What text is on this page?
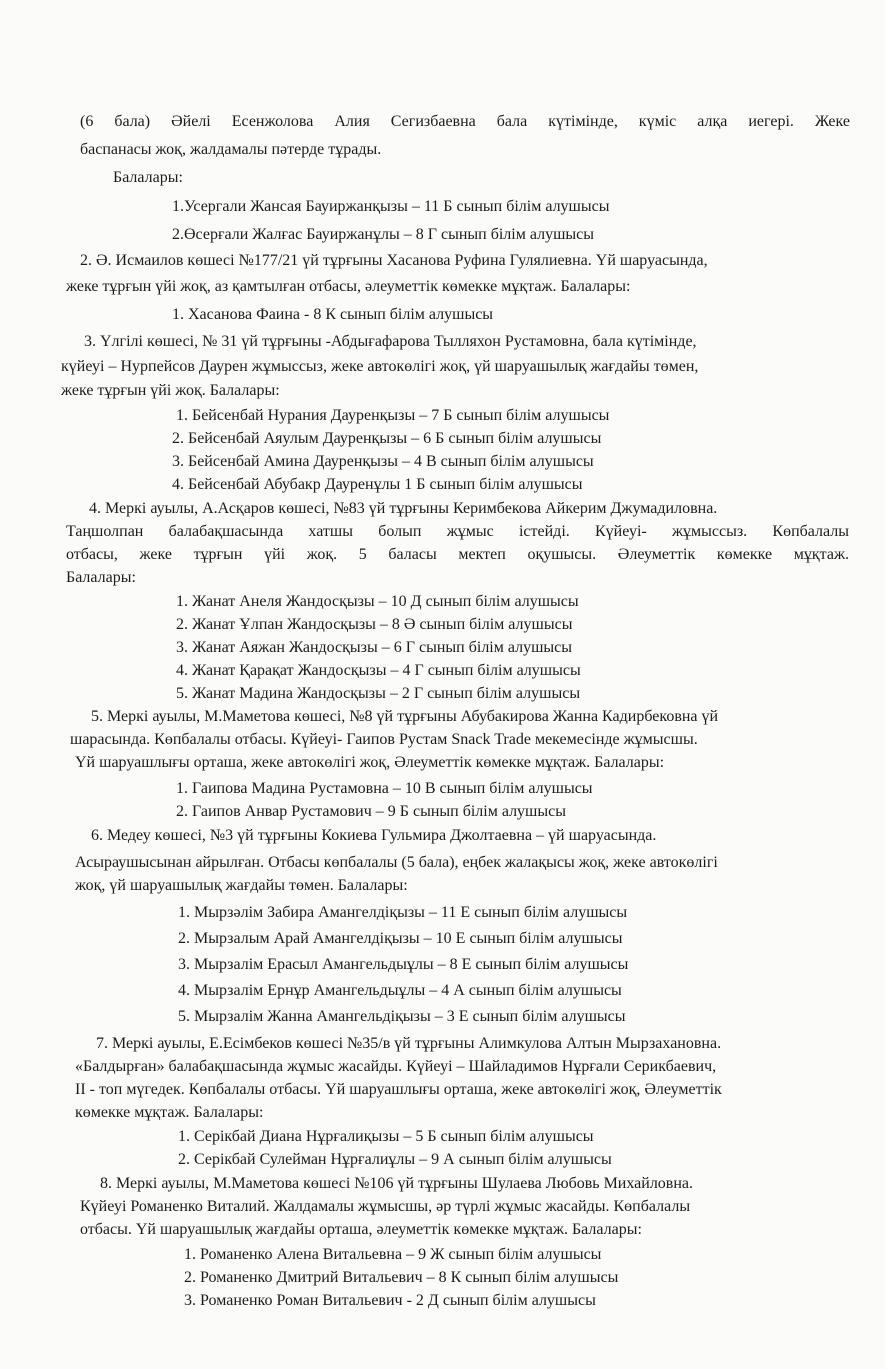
(6 бала) Әйелі Есенжолова Алия Сегизбаевна бала күтімінде, күміс алқа иегері. Жеке
баспанасы жоқ, жалдамалы пәтерде тұрады.
Балалары:
1.Усергали Жансая Бауиржанқызы – 11 Б сынып білім алушысы
2.Өсерғали Жалғас Бауиржанұлы – 8 Г сынып білім алушысы
2. Ә. Исмаилов көшесі №177/21 үй тұрғыны Хасанова Руфина Гулялиевна. Үй шаруасында,
жеке тұрғын үйі жоқ, аз қамтылған отбасы, әлеуметтік көмекке мұқтаж. Балалары:
1. Хасанова Фаина - 8 К сынып білім алушысы
3. Үлгілі көшесі, № 31 үй тұрғыны -Абдығафарова Тылляхон Рустамовна, бала күтімінде,
күйеуі – Нурпейсов Даурен жұмыссыз, жеке автокөлігі жоқ, үй шаруашылық жағдайы төмен,
жеке тұрғын үйі жоқ. Балалары:
1. Бейсенбай Нурания Дауренқызы – 7 Б сынып білім алушысы
2. Бейсенбай Аяулым Дауренқызы – 6 Б сынып білім алушысы
3. Бейсенбай Амина Дауренқызы – 4 В сынып білім алушысы
4. Бейсенбай Абубакр Дауренұлы 1 Б сынып білім алушысы
4. Меркі ауылы, А.Асқаров көшесі, №83 үй тұрғыны Керимбекова Айкерим Джумадиловна.
Таңшолпан балабақшасында хатшы болып жұмыс істейді. Күйеуі- жұмыссыз. Көпбалалы
отбасы, жеке тұрғын үйі жоқ. 5 баласы мектеп оқушысы. Әлеуметтік көмекке мұқтаж.
Балалары:
1. Жанат Анеля Жандосқызы – 10 Д сынып білім алушысы
2. Жанат Ұлпан Жандосқызы – 8 Ә сынып білім алушысы
3. Жанат Аяжан Жандосқызы – 6 Г сынып білім алушысы
4. Жанат Қарақат Жандосқызы – 4 Г сынып білім алушысы
5. Жанат Мадина Жандосқызы – 2 Г сынып білім алушысы
5. Меркі ауылы, М.Маметова көшесі, №8 үй тұрғыны Абубакирова Жанна Кадирбековна үй
шарасында. Көпбалалы отбасы. Күйеуі- Гаипов Рустам Snack Trade мекемесінде жұмысшы.
Үй шаруашлығы орташа, жеке автокөлігі жоқ, Әлеуметтік көмекке мұқтаж. Балалары:
1. Гаипова Мадина Рустамовна – 10 В сынып білім алушысы
2. Гаипов Анвар Рустамович – 9 Б сынып білім алушысы
6. Медеу көшесі, №3 үй тұрғыны Кокиева Гульмира Джолтаевна – үй шаруасында.
Асыраушысынан айрылған. Отбасы көпбалалы (5 бала), еңбек жалақысы жоқ, жеке автокөлігі
жоқ, үй шаруашылық жағдайы төмен. Балалары:
1. Мырзәлім Забира Амангелдіқызы – 11 Е сынып білім алушысы
2. Мырзалым Арай Амангелдіқызы – 10 Е сынып білім алушысы
3. Мырзалім Ерасыл Амангельдыұлы – 8 Е сынып білім алушысы
4. Мырзалім Ернұр Амангельдыұлы – 4 А сынып білім алушысы
5. Мырзалім Жанна Амангельдіқызы – 3 Е сынып білім алушысы
7. Меркі ауылы, Е.Есімбеков көшесі №35/в үй тұрғыны Алимкулова Алтын Мырзахановна.
«Балдырған» балабақшасында жұмыс жасайды. Күйеуі – Шайладимов Нұрғали Серикбаевич,
ІІ - топ мүгедек. Көпбалалы отбасы. Үй шаруашлығы орташа, жеке автокөлігі жоқ, Әлеуметтік
көмекке мұқтаж. Балалары:
1. Серікбай Диана Нұрғалиқызы – 5 Б сынып білім алушысы
2. Серікбай Сулейман Нұрғалиұлы – 9 А сынып білім алушысы
8. Меркі ауылы, М.Маметова көшесі №106 үй тұрғыны Шулаева Любовь Михайловна.
Күйеуі Романенко Виталий. Жалдамалы жұмысшы, әр түрлі жұмыс жасайды. Көпбалалы
отбасы. Үй шаруашылық жағдайы орташа, әлеуметтік көмекке мұқтаж. Балалары:
1. Романенко Алена Витальевна – 9 Ж сынып білім алушысы
2. Романенко Дмитрий Витальевич – 8 К сынып білім алушысы
3. Романенко Роман Витальевич - 2 Д сынып білім алушысы
